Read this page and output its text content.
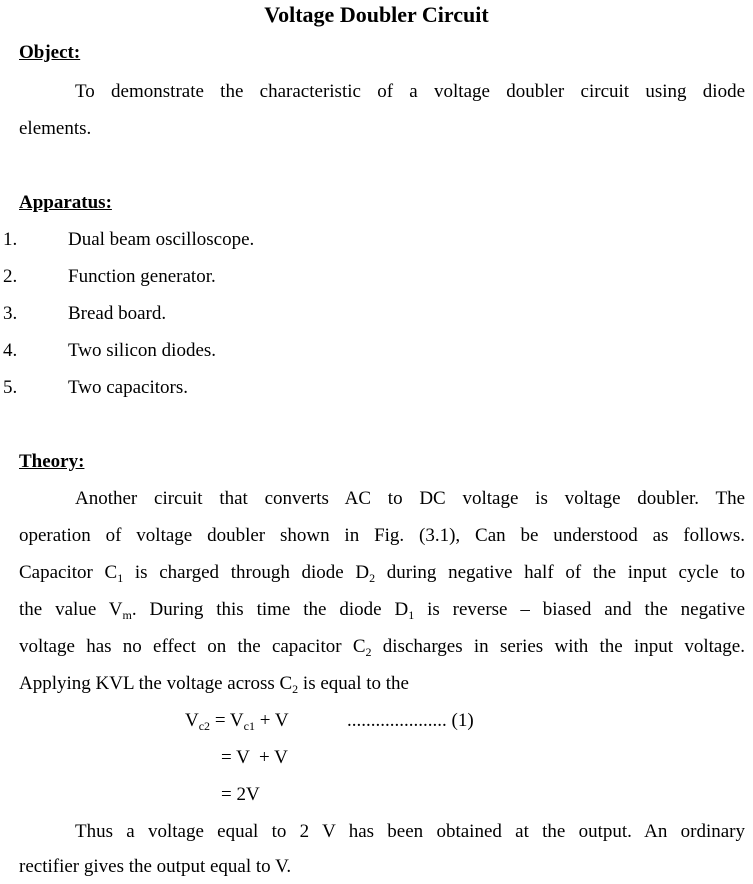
Voltage Doubler Circuit
Object:
To demonstrate the characteristic of a voltage doubler circuit using diode
elements.
Apparatus:
1.	Dual beam oscilloscope.
2.	Function generator.
3.	Bread board.
4.	Two silicon diodes.
5.	Two capacitors.
Theory:
Another circuit that converts AC to DC voltage is voltage doubler. The
operation of voltage doubler shown in Fig. (3.1), Can be understood as follows.
Capacitor $C_1$ is charged through diode $D_2$ during negative half of the input cycle to
the value $V_m$. During this time the diode $D_1$ is reverse – biased and the negative
voltage has no effect on the capacitor $C_2$ discharges in series with the input voltage.
Applying KVL the voltage across $C_2$ is equal to the
$V_{c2} = V_{c1} + V$	..................... (1)
= V  + V
= 2V
Thus a voltage equal to 2 V has been obtained at the output. An ordinary
rectifier gives the output equal to V.
